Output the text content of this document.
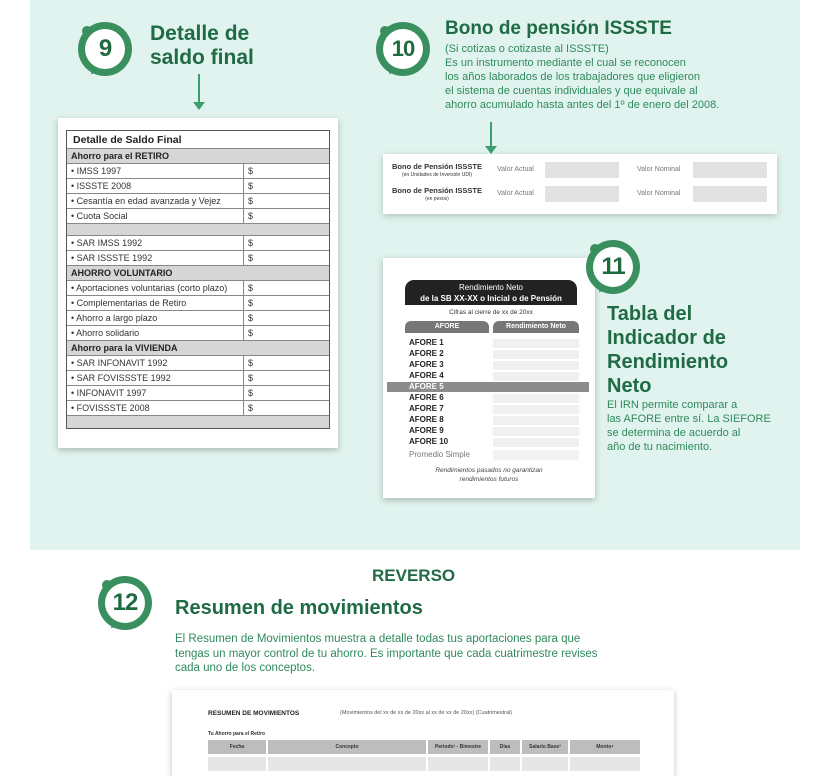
9
Detalle de
saldo final
Detalle de Saldo Final
Ahorro para el RETIRO
• IMSS 1997	$
• ISSSTE 2008	$
• Cesantía en edad avanzada y Vejez	$
• Cuota Social	$
• SAR IMSS 1992	$
• SAR ISSSTE 1992	$
AHORRO VOLUNTARIO
• Aportaciones voluntarias (corto plazo)	$
• Complementarias de Retiro	$
• Ahorro a largo plazo	$
• Ahorro solidario	$
Ahorro para la VIVIENDA
• SAR INFONAVIT 1992	$
• SAR FOVISSSTE 1992	$
• INFONAVIT 1997	$
• FOVISSSTE 2008	$
10
Bono de pensión ISSSTE
(Si cotizas o cotizaste al ISSSTE)
Es un instrumento mediante el cual se reconocen
los años laborados de los trabajadores que eligieron
el sistema de cuentas individuales y que equivale al
ahorro acumulado hasta antes del 1º de enero del 2008.
Bono de Pensión ISSSTE
(en Unidades de Inversión UDI)
Valor Actual	Valor Nominal
Bono de Pensión ISSSTE
(en pesos)
Valor Actual	Valor Nominal
Rendimiento Neto
de la SB XX-XX o Inicial o de Pensión
Cifras al cierre de xx de 20xx
AFORE	Rendimiento Neto
AFORE 1
AFORE 2
AFORE 3
AFORE 4
AFORE 5
AFORE 6
AFORE 7
AFORE 8
AFORE 9
AFORE 10
Promedio Simple
Rendimientos pasados no garantizan
rendimientos futuros
11
Tabla del
Indicador de
Rendimiento
Neto
El IRN permite comparar a
las AFORE entre sí. La SIEFORE
se determina de acuerdo al
año de tu nacimiento.
REVERSO
12	Resumen de movimientos
El Resumen de Movimientos muestra a detalle todas tus aportaciones para que
tengas un mayor control de tu ahorro. Es importante que cada cuatrimestre revises
cada uno de los conceptos.
RESUMEN DE MOVIMIENTOS	(Movimientos del xx de xx de 20xx al xx de xx de 20xx) (Cuatrimestral)
Tu Ahorro para el Retiro
Fecha	Concepto	Periodo¹ - Bimestre	Días	Salario Base³	Monto⁴
